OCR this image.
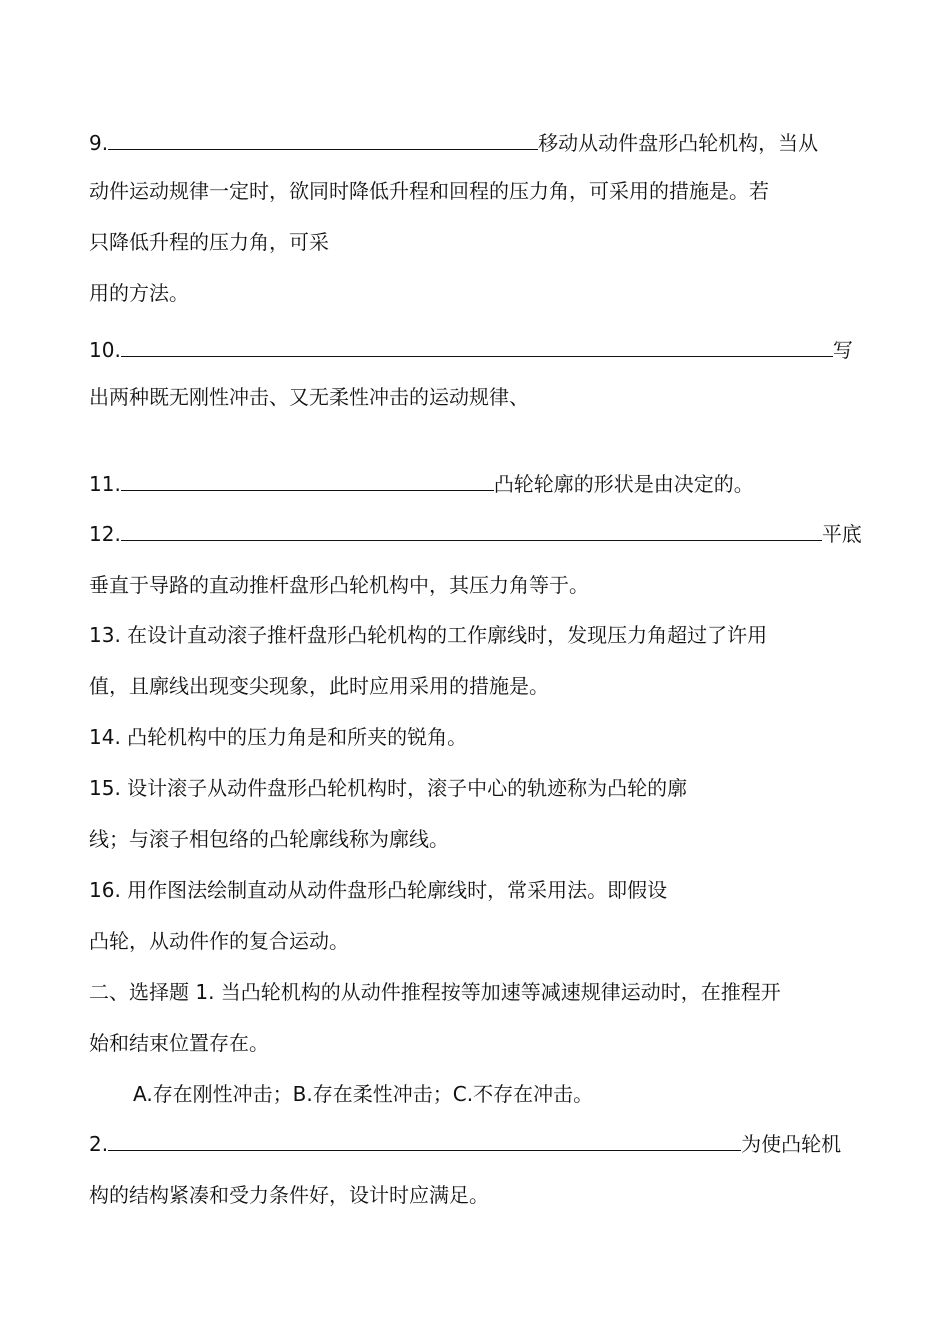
9.	移动从动件盘形凸轮机构，当从

动件运动规律一定时，欲同时降低升程和回程的压力角，可采用的措施是。若

只降低升程的压力角，可采

用的方法。

10.	写

出两种既无刚性冲击、又无柔性冲击的运动规律、

11.	凸轮轮廓的形状是由决定的。

12.	平底

垂直于导路的直动推杆盘形凸轮机构中，其压力角等于。

13. 在设计直动滚子推杆盘形凸轮机构的工作廓线时，发现压力角超过了许用

值，且廓线出现变尖现象，此时应用采用的措施是。

14. 凸轮机构中的压力角是和所夹的锐角。

15. 设计滚子从动件盘形凸轮机构时，滚子中心的轨迹称为凸轮的廓

线；与滚子相包络的凸轮廓线称为廓线。

16. 用作图法绘制直动从动件盘形凸轮廓线时，常采用法。即假设

凸轮，从动件作的复合运动。

二、选择题 1. 当凸轮机构的从动件推程按等加速等减速规律运动时，在推程开

始和结束位置存在。

A.存在刚性冲击；B.存在柔性冲击；C.不存在冲击。

2.	为使凸轮机

构的结构紧凑和受力条件好，设计时应满足。
